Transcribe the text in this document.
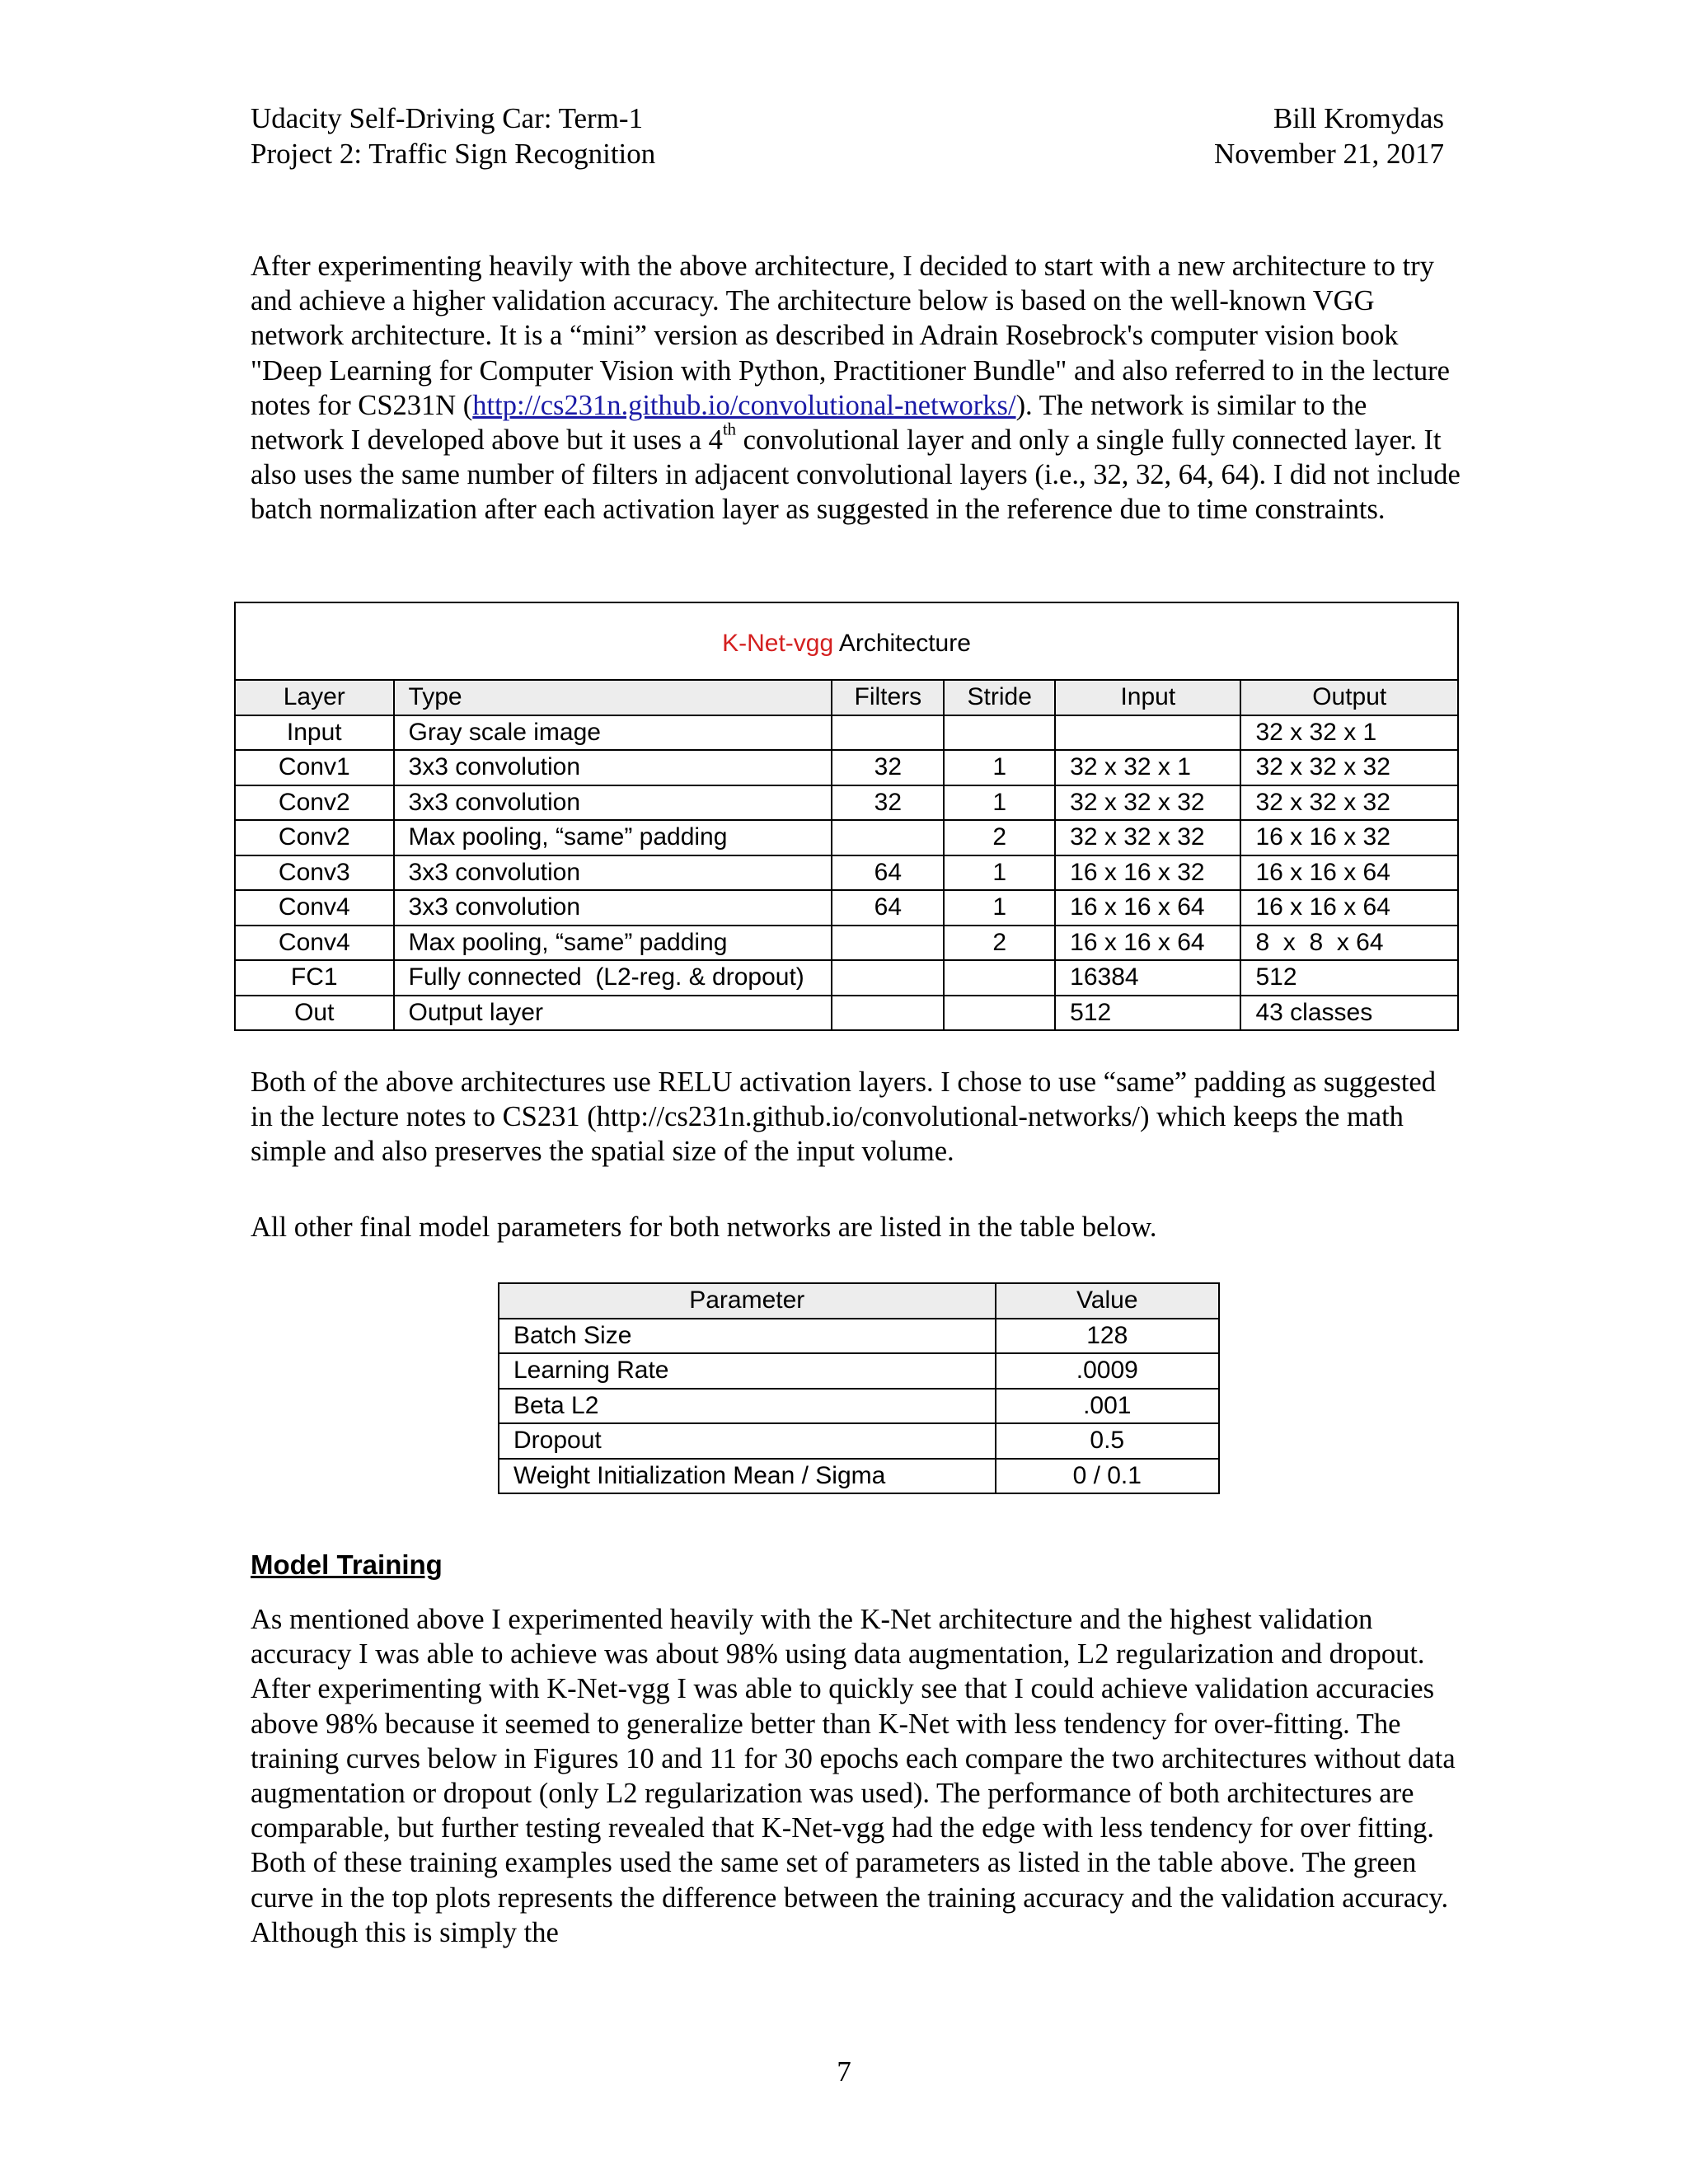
Udacity Self-Driving Car: Term-1
Project 2: Traffic Sign Recognition
Bill Kromydas
November 21, 2017

After experimenting heavily with the above architecture, I decided to start with a new architecture to try and achieve a higher validation accuracy. The architecture below is based on the well-known VGG network architecture. It is a “mini” version as described in Adrain Rosebrock's computer vision book "Deep Learning for Computer Vision with Python, Practitioner Bundle" and also referred to in the lecture notes for CS231N (http://cs231n.github.io/convolutional-networks/). The network is similar to the network I developed above but it uses a 4th convolutional layer and only a single fully connected layer. It also uses the same number of filters in adjacent convolutional layers (i.e., 32, 32, 64, 64). I did not include batch normalization after each activation layer as suggested in the reference due to time constraints.

K-Net-vgg Architecture					
Layer	Type	Filters	Stride	Input	Output
Input	Gray scale image				32 x 32 x 1
Conv1	3x3 convolution	32	1	32 x 32 x 1	32 x 32 x 32
Conv2	3x3 convolution	32	1	32 x 32 x 32	32 x 32 x 32
Conv2	Max pooling, “same” padding		2	32 x 32 x 32	16 x 16 x 32
Conv3	3x3 convolution	64	1	16 x 16 x 32	16 x 16 x 64
Conv4	3x3 convolution	64	1	16 x 16 x 64	16 x 16 x 64
Conv4	Max pooling, “same” padding		2	16 x 16 x 64	8  x  8  x 64
FC1	Fully connected  (L2-reg. & dropout)			16384	512
Out	Output layer			512	43 classes

Both of the above architectures use RELU activation layers. I chose to use “same” padding as suggested in the lecture notes to CS231 (http://cs231n.github.io/convolutional-networks/) which keeps the math simple and also preserves the spatial size of the input volume.

All other final model parameters for both networks are listed in the table below.

Parameter	Value
Batch Size	128
Learning Rate	.0009
Beta L2	.001
Dropout	0.5
Weight Initialization Mean / Sigma	0 / 0.1
Model Training

As mentioned above I experimented heavily with the K-Net architecture and the highest validation accuracy I was able to achieve was about 98% using data augmentation, L2 regularization and dropout. After experimenting with K-Net-vgg I was able to quickly see that I could achieve validation accuracies above 98% because it seemed to generalize better than K-Net with less tendency for over-fitting. The training curves below in Figures 10 and 11 for 30 epochs each compare the two architectures without data augmentation or dropout (only L2 regularization was used). The performance of both architectures are comparable, but further testing revealed that K-Net-vgg had the edge with less tendency for over fitting. Both of these training examples used the same set of parameters as listed in the table above. The green curve in the top plots represents the difference between the training accuracy and the validation accuracy. Although this is simply the

7
